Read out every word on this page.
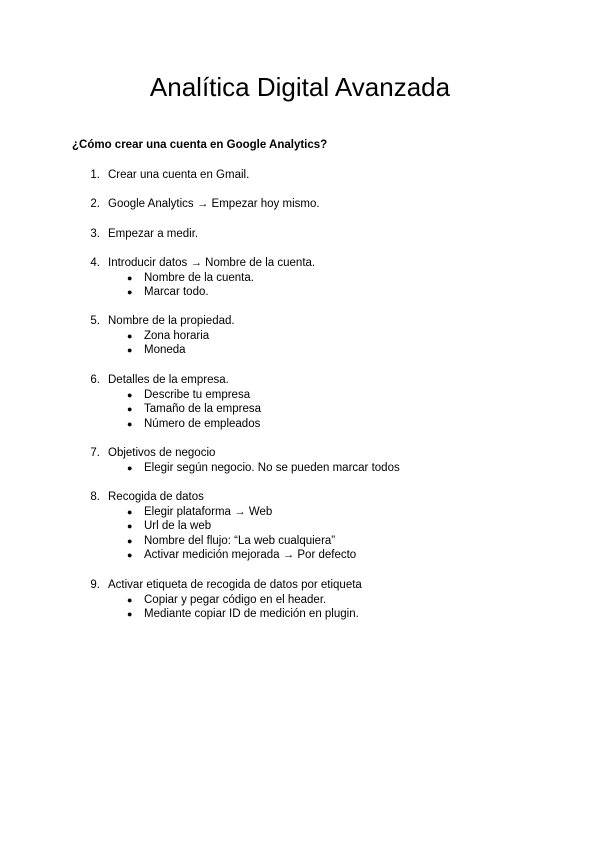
Analítica Digital Avanzada

¿Cómo crear una cuenta en Google Analytics?

1. Crear una cuenta en Gmail.
2. Google Analytics → Empezar hoy mismo.
3. Empezar a medir.
4. Introducir datos → Nombre de la cuenta.
● Nombre de la cuenta.
● Marcar todo.
5. Nombre de la propiedad.
● Zona horaria
● Moneda
6. Detalles de la empresa.
● Describe tu empresa
● Tamaño de la empresa
● Número de empleados
7. Objetivos de negocio
● Elegir según negocio. No se pueden marcar todos
8. Recogida de datos
● Elegir plataforma → Web
● Url de la web
● Nombre del flujo: “La web cualquiera”
● Activar medición mejorada → Por defecto
9. Activar etiqueta de recogida de datos por etiqueta
● Copiar y pegar código en el header.
● Mediante copiar ID de medición en plugin.
